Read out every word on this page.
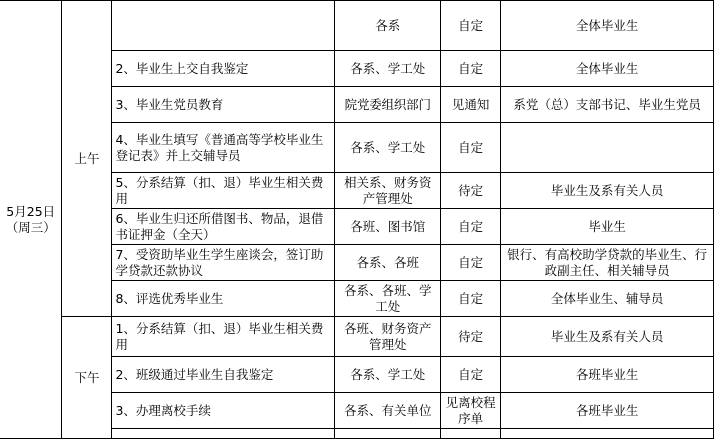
5月25日
（周三）	上午		各系	自定	全体毕业生
		2、毕业生上交自我鉴定	各系、学工处	自定	全体毕业生
		3、毕业生党员教育	院党委组织部门	见通知	系党（总）支部书记、毕业生党员
		4、毕业生填写《普通高等学校毕业生登记表》并上交辅导员	各系、学工处	自定	
		5、分系结算（扣、退）毕业生相关费用	相关系、财务资产管理处	待定	毕业生及系有关人员
		6、毕业生归还所借图书、物品，退借书证押金（全天）	各班、图书馆	自定	毕业生
		7、受资助毕业生学生座谈会，签订助学贷款还款协议	各系、各班	自定	银行、有高校助学贷款的毕业生、行政副主任、相关辅导员
		8、评选优秀毕业生	各系、各班、学工处	自定	全体毕业生、辅导员
	下午	1、分系结算（扣、退）毕业生相关费用	各班、财务资产管理处	待定	毕业生及系有关人员
		2、班级通过毕业生自我鉴定	各系、学工处	自定	各班毕业生
		3、办理离校手续	各系、有关单位	见离校程序单	各班毕业生
